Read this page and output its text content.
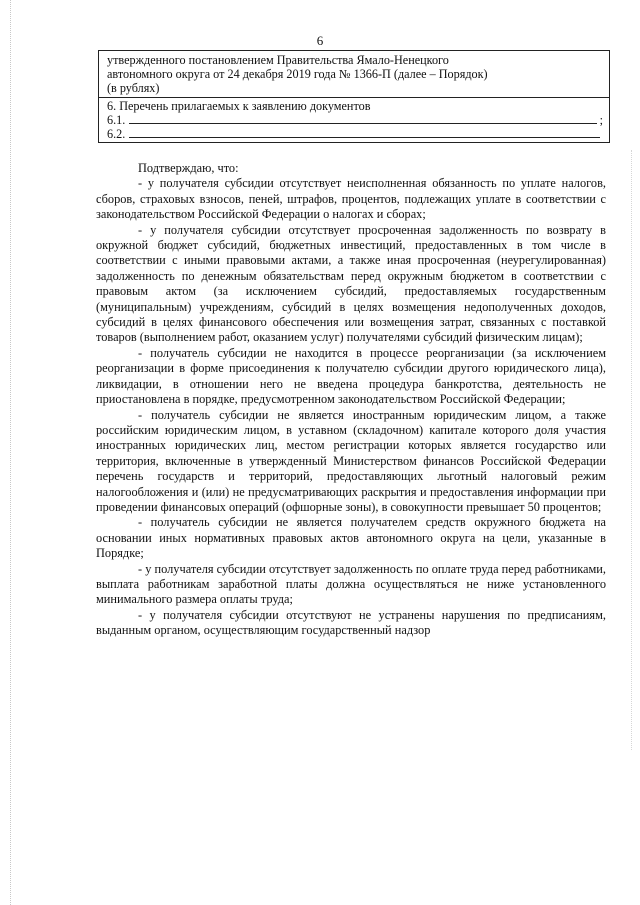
6
утвержденного постановлением Правительства Ямало-Ненецкого
автономного округа от 24 декабря 2019 года № 1366-П (далее – Порядок)
(в рублях)
6. Перечень прилагаемых к заявлению документов
6.1.	;
6.2.

Подтверждаю, что:

- у получателя субсидии отсутствует неисполненная обязанность по уплате налогов, сборов, страховых взносов, пеней, штрафов, процентов, подлежащих уплате в соответствии с законодательством Российской Федерации о налогах и сборах;

- у получателя субсидии отсутствует просроченная задолженность по возврату в окружной бюджет субсидий, бюджетных инвестиций, предоставленных в том числе в соответствии с иными правовыми актами, а также иная просроченная (неурегулированная) задолженность по денежным обязательствам перед окружным бюджетом в соответствии с правовым актом (за исключением субсидий, предоставляемых государственным (муниципальным) учреждениям, субсидий в целях возмещения недополученных доходов, субсидий в целях финансового обеспечения или возмещения затрат, связанных с поставкой товаров (выполнением работ, оказанием услуг) получателями субсидий физическим лицам);

- получатель субсидии не находится в процессе реорганизации (за исключением реорганизации в форме присоединения к получателю субсидии другого юридического лица), ликвидации, в отношении него не введена процедура банкротства, деятельность не приостановлена в порядке, предусмотренном законодательством Российской Федерации;

- получатель субсидии не является иностранным юридическим лицом, а также российским юридическим лицом, в уставном (складочном) капитале которого доля участия иностранных юридических лиц, местом регистрации которых является государство или территория, включенные в утвержденный Министерством финансов Российской Федерации перечень государств и территорий, предоставляющих льготный налоговый режим налогообложения и (или) не предусматривающих раскрытия и предоставления информации при проведении финансовых операций (офшорные зоны), в совокупности превышает 50 процентов;

- получатель субсидии не является получателем средств окружного бюджета на основании иных нормативных правовых актов автономного округа на цели, указанные в Порядке;

- у получателя субсидии отсутствует задолженность по оплате труда перед работниками, выплата работникам заработной платы должна осуществляться не ниже установленного минимального размера оплаты труда;

- у получателя субсидии отсутствуют не устранены нарушения по предписаниям, выданным органом, осуществляющим государственный надзор
